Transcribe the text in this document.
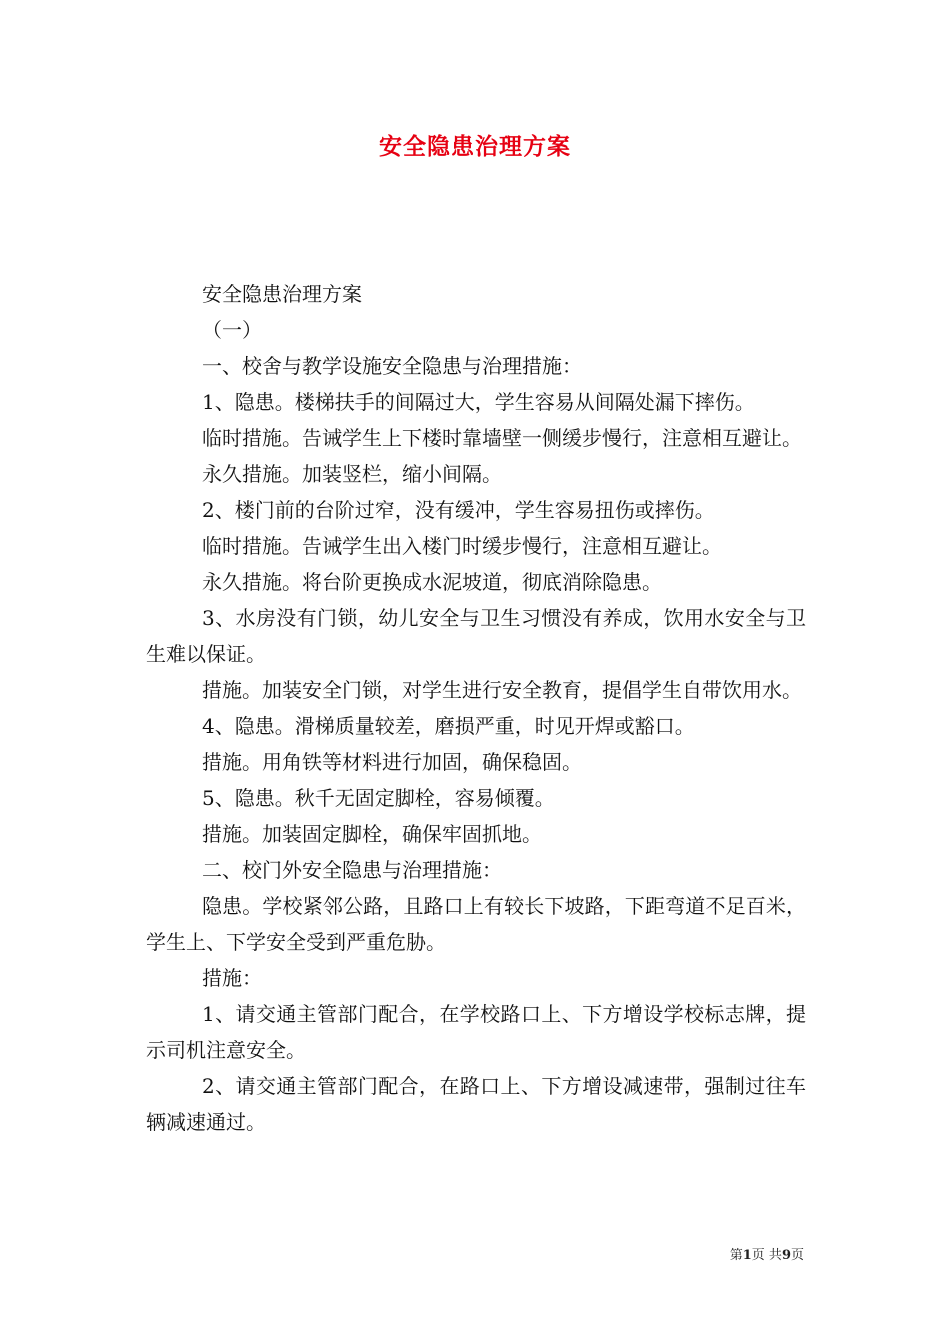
安全隐患治理方案

安全隐患治理方案

（一）

一、校舍与教学设施安全隐患与治理措施：

1、隐患。楼梯扶手的间隔过大，学生容易从间隔处漏下摔伤。

临时措施。告诫学生上下楼时靠墙壁一侧缓步慢行，注意相互避让。

永久措施。加装竖栏，缩小间隔。

2、楼门前的台阶过窄，没有缓冲，学生容易扭伤或摔伤。

临时措施。告诫学生出入楼门时缓步慢行，注意相互避让。

永久措施。将台阶更换成水泥坡道，彻底消除隐患。

3、水房没有门锁，幼儿安全与卫生习惯没有养成，饮用水安全与卫生难以保证。

措施。加装安全门锁，对学生进行安全教育，提倡学生自带饮用水。

4、隐患。滑梯质量较差，磨损严重，时见开焊或豁口。

措施。用角铁等材料进行加固，确保稳固。

5、隐患。秋千无固定脚栓，容易倾覆。

措施。加装固定脚栓，确保牢固抓地。

二、校门外安全隐患与治理措施：

隐患。学校紧邻公路，且路口上有较长下坡路，下距弯道不足百米，学生上、下学安全受到严重危胁。

措施：

1、请交通主管部门配合，在学校路口上、下方增设学校标志牌，提示司机注意安全。

2、请交通主管部门配合，在路口上、下方增设减速带，强制过往车辆减速通过。

第1页 共9页
